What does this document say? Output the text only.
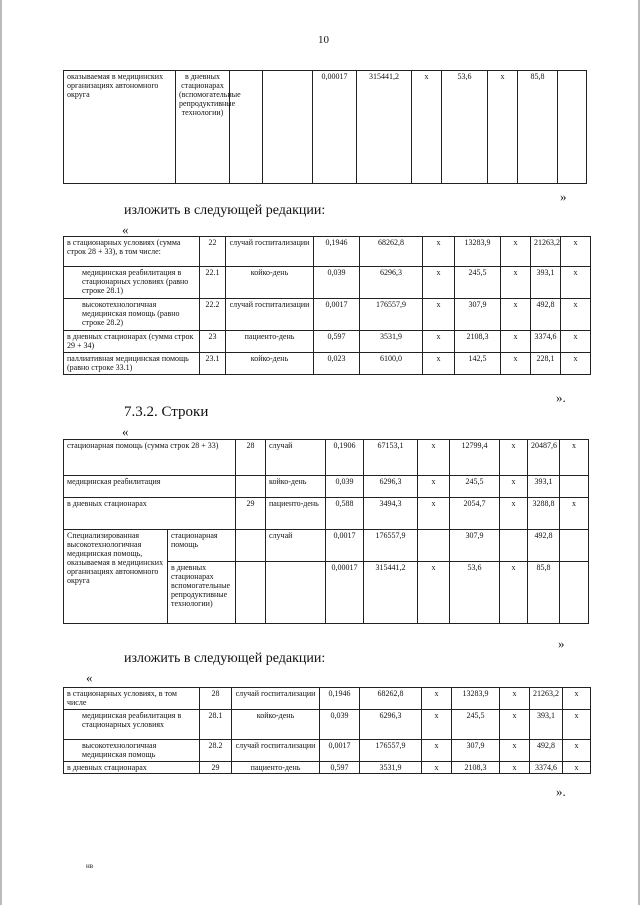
10
оказываемая в медицинских организациях автономного округа	в дневных стационарах (вспомогательные репродуктивные технологии)			0,00017	315441,2	х	53,6	х	85,8	
»
изложить в следующей редакции:
«
в стационарных условиях (сумма строк 28 + 33), в том числе:	22	случай госпитализации	0,1946	68262,8	х	13283,9	х	21263,2	х
медицинская реабилитация в стационарных условиях (равно строке 28.1)	22.1	койко-день	0,039	6296,3	х	245,5	х	393,1	х
высокотехнологичная медицинская помощь (равно строке 28.2)	22.2	случай госпитализации	0,0017	176557,9	х	307,9	х	492,8	х
в дневных стационарах (сумма строк 29 + 34)	23	пациенто-день	0,597	3531,9	х	2108,3	х	3374,6	х
паллиативная медицинская помощь (равно строке 33.1)	23.1	койко-день	0,023	6100,0	х	142,5	х	228,1	х
».
7.3.2. Строки
«
стационарная помощь (сумма строк 28 + 33)		28	случай	0,1906	67153,1	х	12799,4	х	20487,6	х
медицинская реабилитация			койко-день	0,039	6296,3	х	245,5	х	393,1	
в дневных стационарах		29	пациенто-день	0,588	3494,3	х	2054,7	х	3288,8	х
Специализированная высокотехнологичная медицинская помощь, оказываемая в медицинских организациях автономного округа	стационарная помощь		случай	0,0017	176557,9		307,9		492,8	
	в дневных стационарах вспомогательные репродуктивные технологии)			0,00017	315441,2	х	53,6	х	85,8	
»
изложить в следующей редакции:
«
в стационарных условиях, в том числе	28	случай госпитализации	0,1946	68262,8	х	13283,9	х	21263,2	х
медицинская реабилитация в стационарных условиях	28.1	койко-день	0,039	6296,3	х	245,5	х	393,1	х
высокотехнологичная медицинская помощь	28.2	случай госпитализации	0,0017	176557,9	х	307,9	х	492,8	х
в дневных стационарах	29	пациенто-день	0,597	3531,9	х	2108,3	х	3374,6	х
».
нв
